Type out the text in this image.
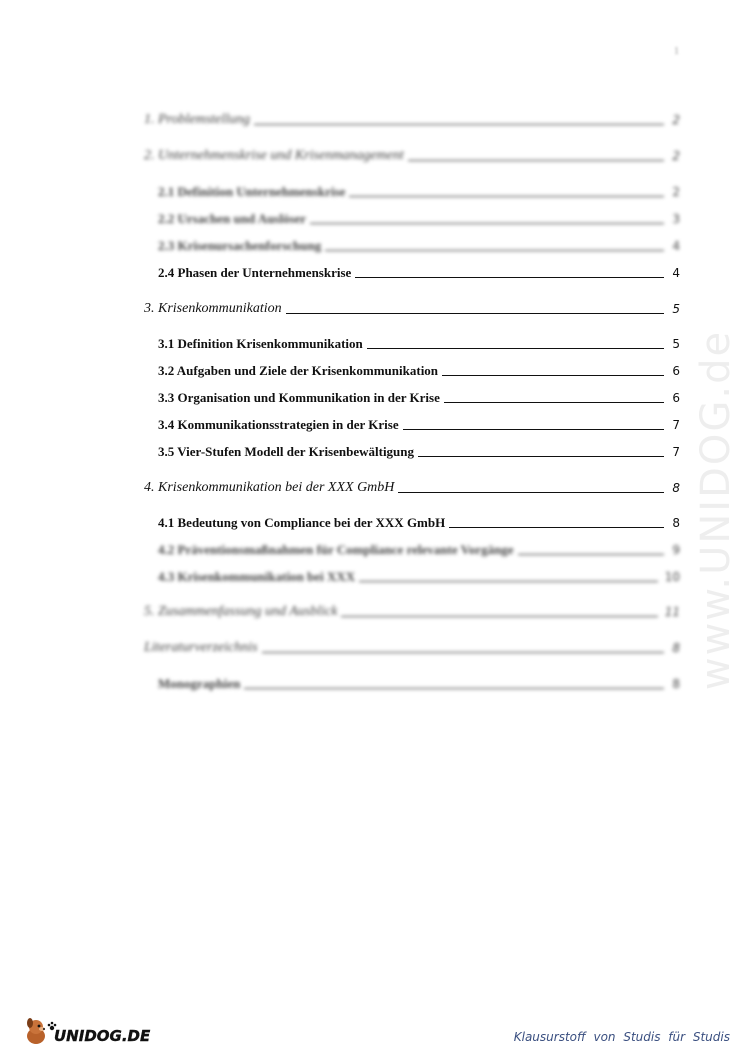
1
www.UNIDOG.de
1. Problemstellung	2
2. Unternehmenskrise und Krisenmanagement	2
2.1 Definition Unternehmenskrise	2
2.2 Ursachen und Auslöser	3
2.3 Krisenursachenforschung	4
2.4 Phasen der Unternehmenskrise	4
3. Krisenkommunikation	5
3.1 Definition Krisenkommunikation	5
3.2 Aufgaben und Ziele der Krisenkommunikation	6
3.3 Organisation und Kommunikation in der Krise	6
3.4 Kommunikationsstrategien in der Krise	7
3.5 Vier-Stufen Modell der Krisenbewältigung	7
4. Krisenkommunikation bei der XXX GmbH	8
4.1 Bedeutung von Compliance bei der XXX GmbH	8
4.2 Präventionsmaßnahmen für Compliance relevante Vorgänge	9
4.3 Krisenkommunikation bei XXX	10
5. Zusammenfassung und Ausblick	11
Literaturverzeichnis	8
Monographien	8
UNIDOG.DE	Klausurstoff von Studis für Studis
